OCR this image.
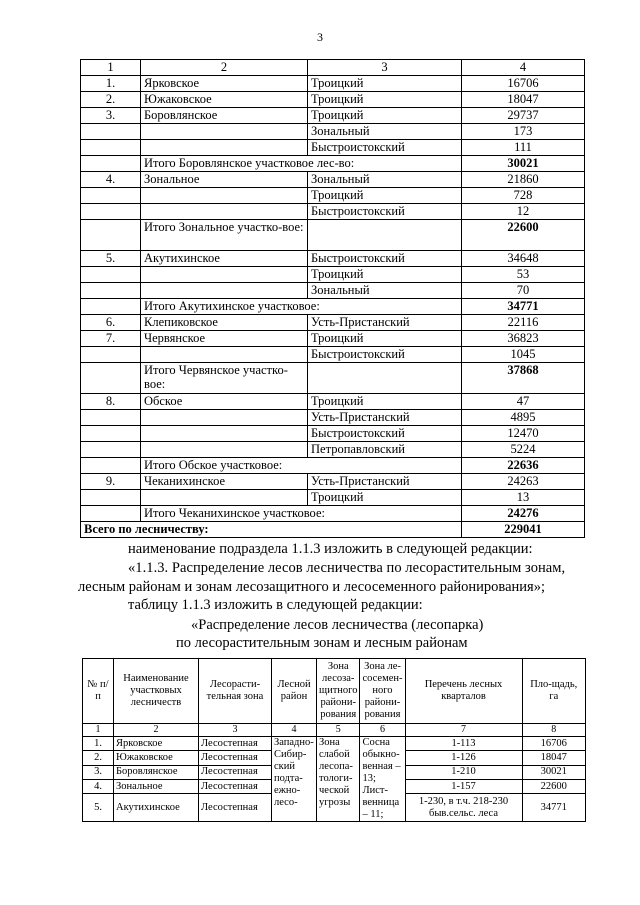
3
1	2	3	4
1.	Ярковское	Троицкий	16706
2.	Южаковское	Троицкий	18047
3.	Боровлянское	Троицкий	29737
		Зональный	173
		Быстроистокский	111
	Итого Боровлянское участковое лес-во:		30021
4.	Зональное	Зональный	21860
		Троицкий	728
		Быстроистокский	12
	Итого Зональное участко-вое:		22600
5.	Акутихинское	Быстроистокский	34648
		Троицкий	53
		Зональный	70
	Итого Акутихинское участковое:		34771
6.	Клепиковское	Усть-Пристанский	22116
7.	Червянское	Троицкий	36823
		Быстроистокский	1045
	Итого Червянское участко-вое:		37868
8.	Обское	Троицкий	47
		Усть-Пристанский	4895
		Быстроистокский	12470
		Петропавловский	5224
	Итого Обское участковое:		22636
9.	Чеканихинское	Усть-Пристанский	24263
		Троицкий	13
	Итого Чеканихинское участковое:		24276
Всего по лесничеству:			229041
наименование подраздела 1.1.3 изложить в следующей редакции:
«1.1.3. Распределение лесов лесничества по лесорастительным зонам,
лесным районам и зонам лесозащитного и лесосеменного районирования»;
таблицу 1.1.3 изложить в следующей редакции:
«Распределение лесов лесничества (лесопарка)
по лесорастительным зонам и лесным районам
№ п/п	Наименование участковых лесничеств	Лесорасти-тельная зона	Лесной район	Зона лесоза-щитного райони-рования	Зона ле-сосемен-ного райони-рования	Перечень лесных кварталов	Пло-щадь, га
1	2	3	4	5	6	7	8
1.	Ярковское	Лесостепная	Западно-Сибир-ский подта-ежно-лесо-	Зона слабой лесопа-тологи-ческой угрозы	Сосна обыкно-венная – 13; Лист-венница – 11;	1-113	16706
2.	Южаковское	Лесостепная				1-126	18047
3.	Боровлянское	Лесостепная				1-210	30021
4.	Зональное	Лесостепная				1-157	22600
5.	Акутихинское	Лесостепная				1-230, в т.ч. 218-230 быв.сельс. леса	34771
